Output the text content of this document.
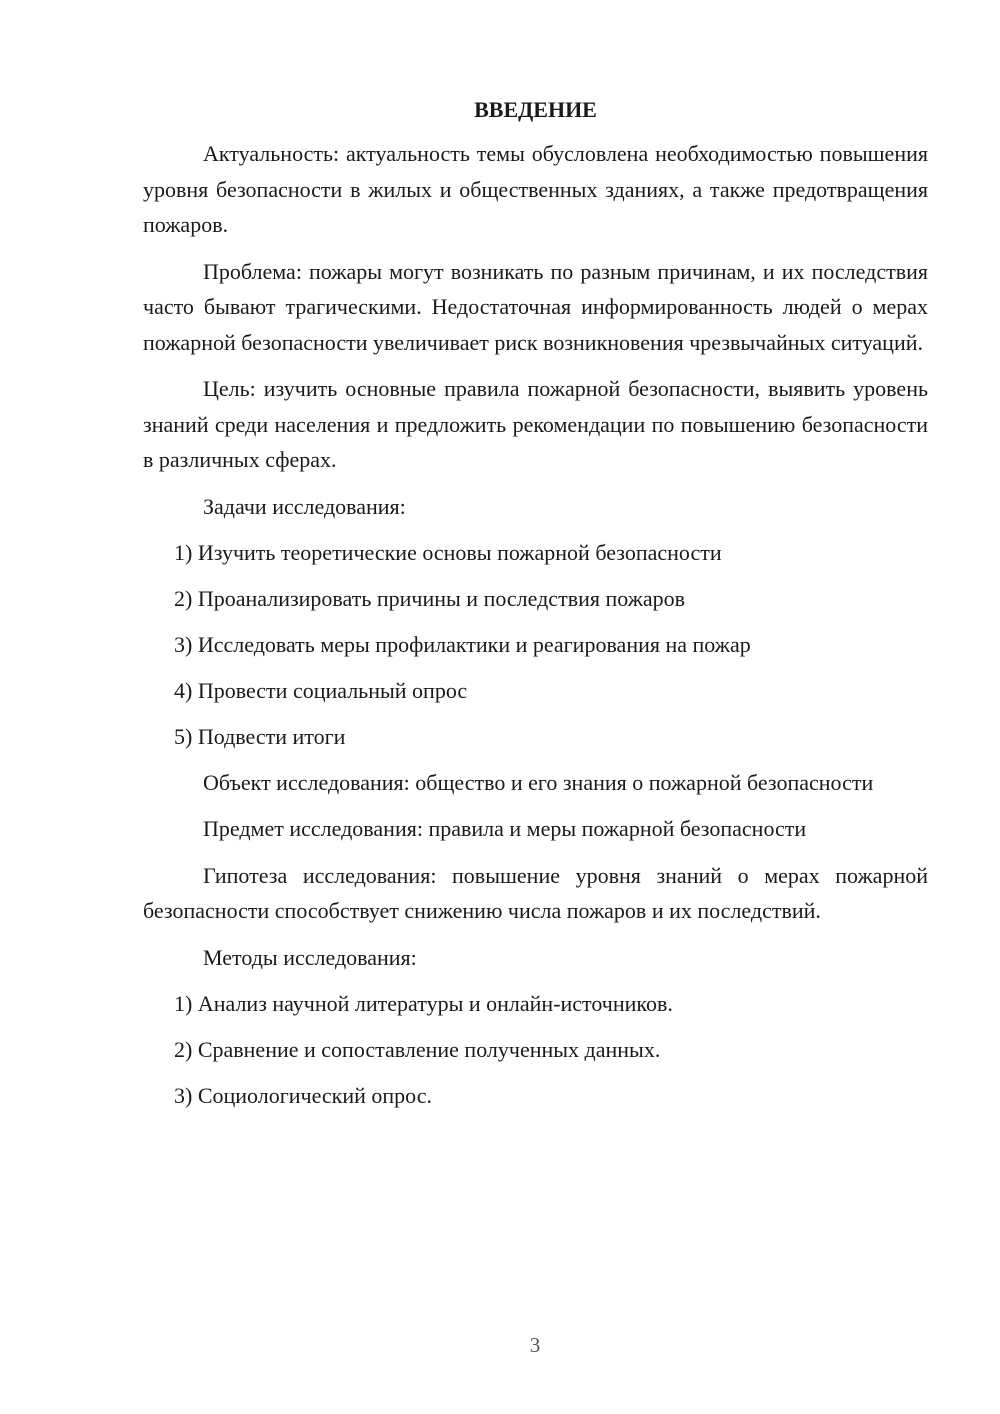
ВВЕДЕНИЕ

Актуальность: актуальность темы обусловлена необходимостью повышения уровня безопасности в жилых и общественных зданиях, а также предотвращения пожаров.

Проблема: пожары могут возникать по разным причинам, и их последствия часто бывают трагическими. Недостаточная информированность людей о мерах пожарной безопасности увеличивает риск возникновения чрезвычайных ситуаций.

Цель: изучить основные правила пожарной безопасности, выявить уровень знаний среди населения и предложить рекомендации по повышению безопасности в различных сферах.

Задачи исследования:
1) Изучить теоретические основы пожарной безопасности
2) Проанализировать причины и последствия пожаров
3) Исследовать меры профилактики и реагирования на пожар
4) Провести социальный опрос
5) Подвести итоги

Объект исследования: общество и его знания о пожарной безопасности

Предмет исследования: правила и меры пожарной безопасности

Гипотеза исследования: повышение уровня знаний о мерах пожарной безопасности способствует снижению числа пожаров и их последствий.

Методы исследования:
1) Анализ научной литературы и онлайн-источников.
2) Сравнение и сопоставление полученных данных.
3) Социологический опрос.
3
